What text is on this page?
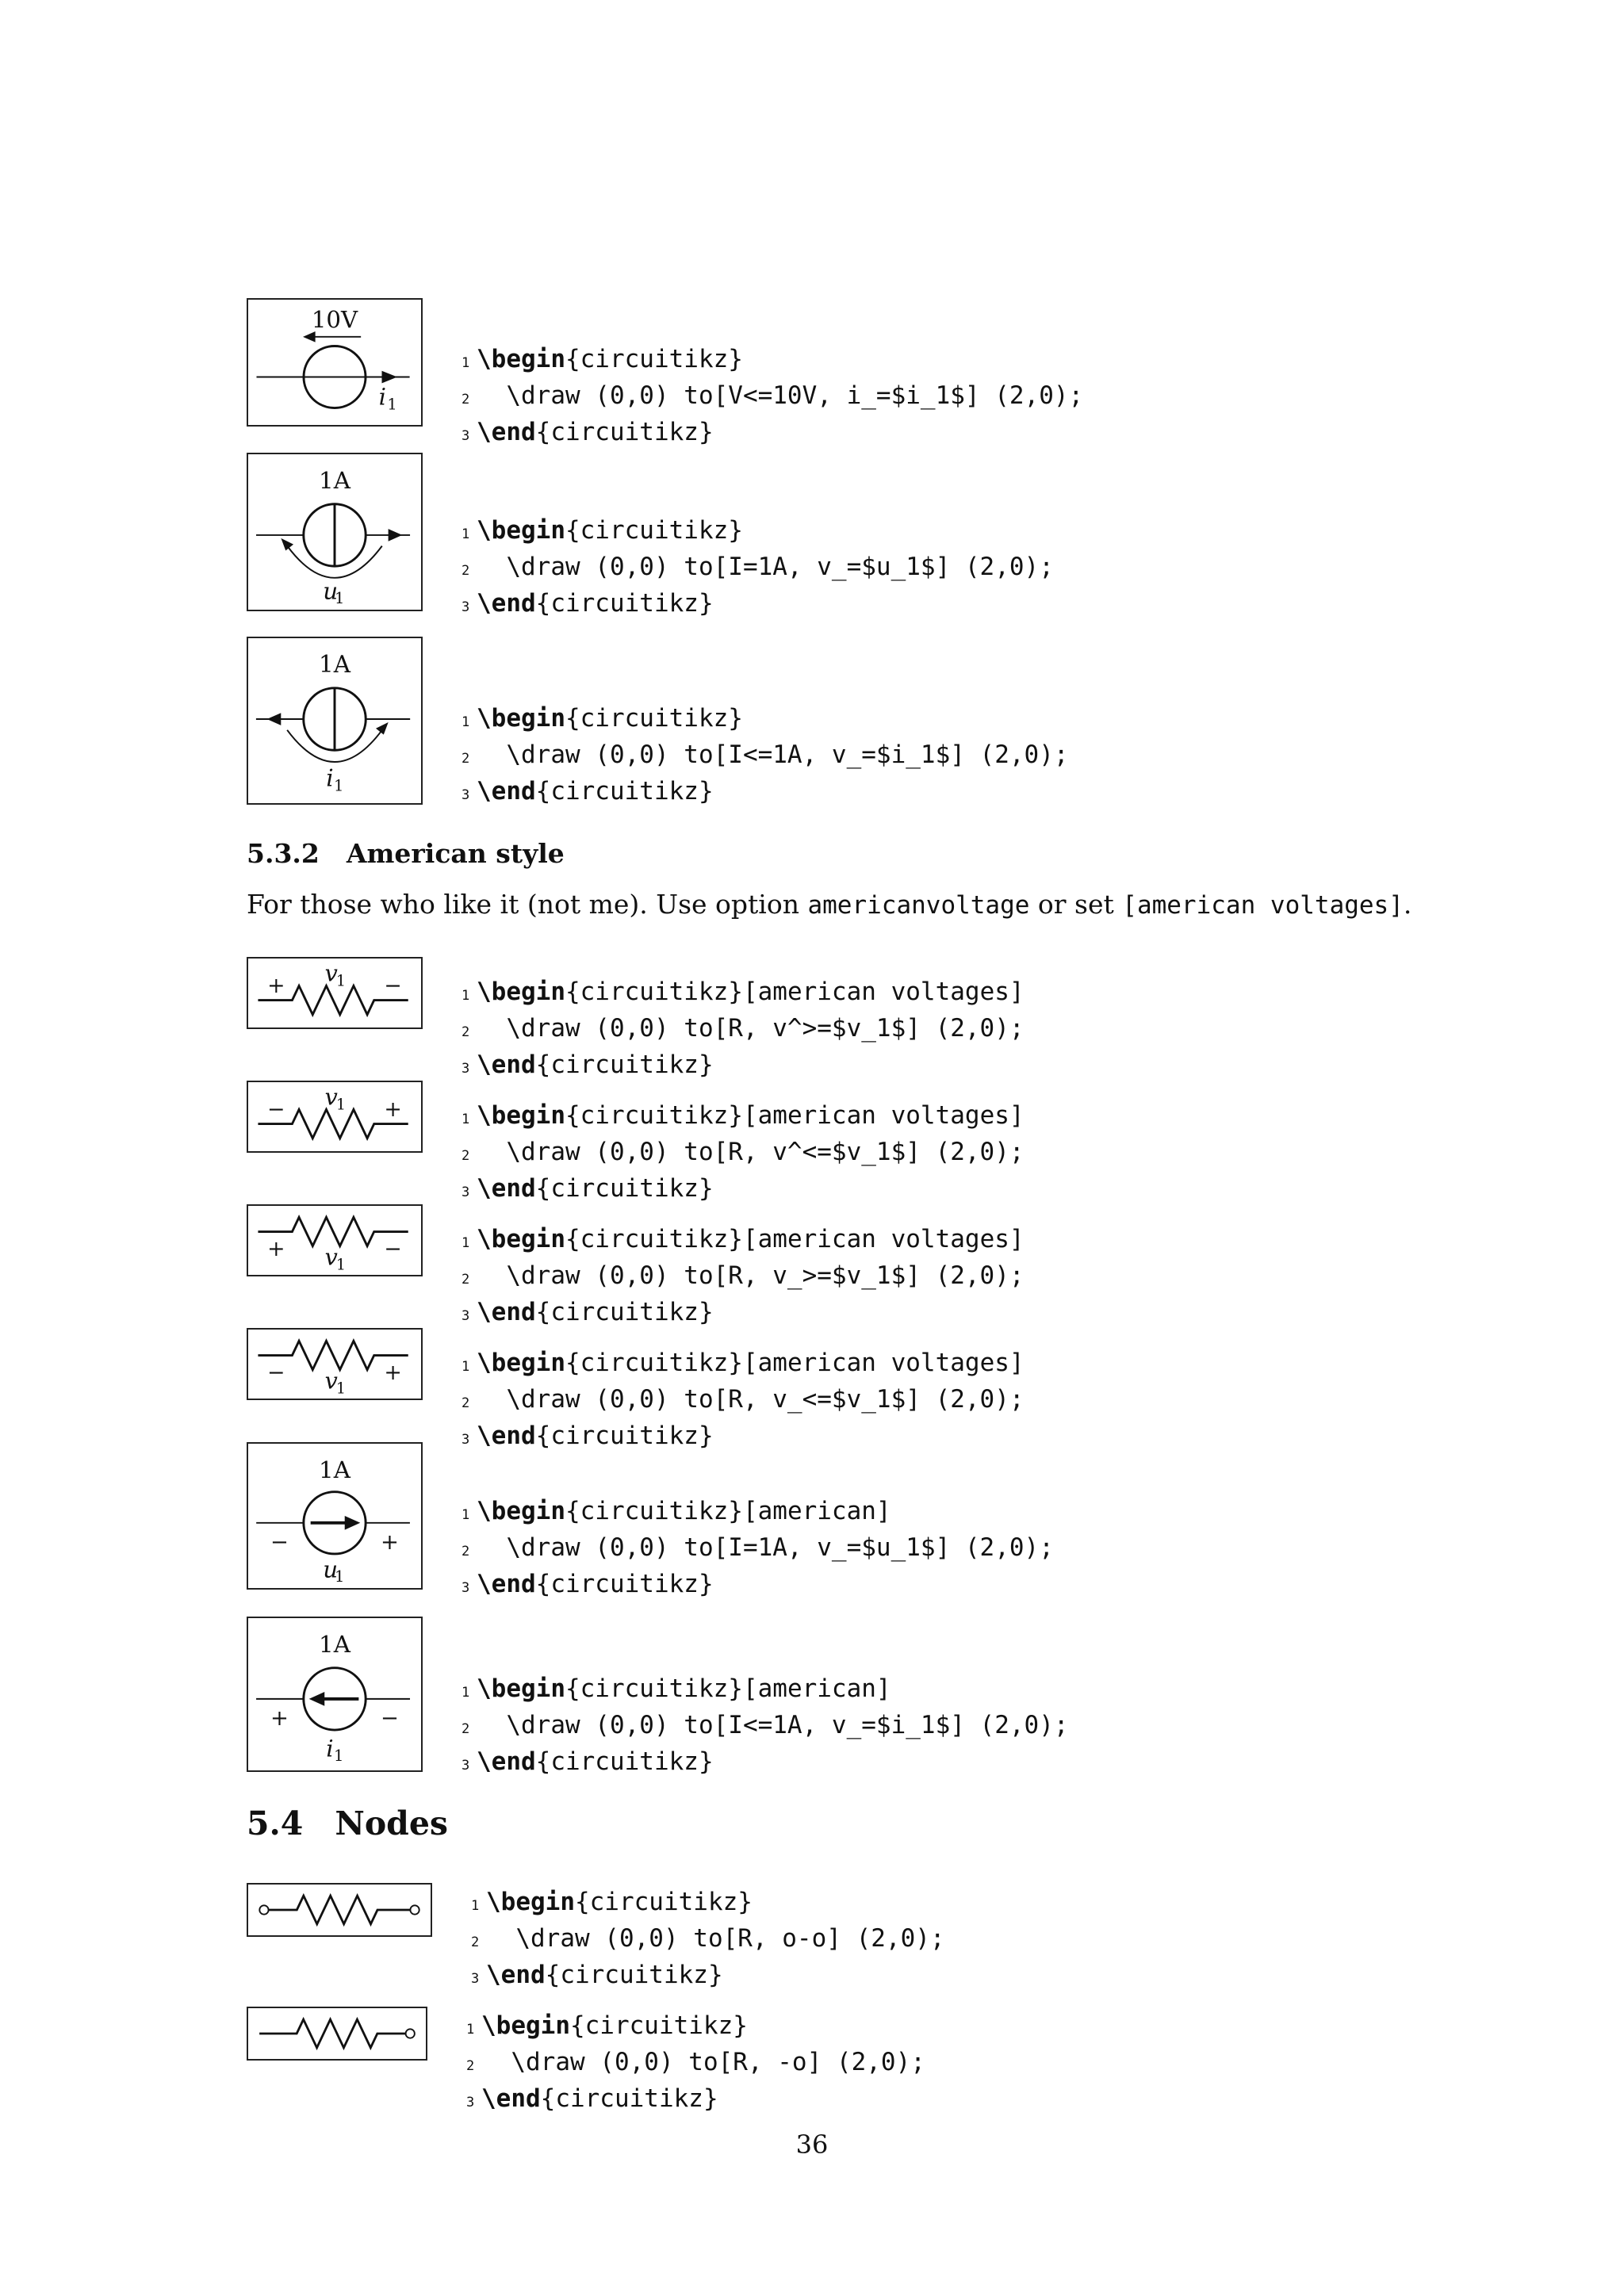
10V
i 1

1 \begin{circuitikz}
2  \draw (0,0) to[V<=10V, i_=$i_1$] (2,0);
3 \end{circuitikz}
1A
u
1

1 \begin{circuitikz}
2  \draw (0,0) to[I=1A, v_=$u_1$] (2,0);
3 \end{circuitikz}
1A
i 1

1 \begin{circuitikz}
2  \draw (0,0) to[I<=1A, v_=$i_1$] (2,0);
3 \end{circuitikz}
5.3.2 American style
For those who like it (not me). Use option americanvoltage or set [american voltages].
+	−
v
1

1 \begin{circuitikz}[american voltages]
2  \draw (0,0) to[R, v^>=$v_1$] (2,0);
3 \end{circuitikz}
−	+
v
1

1 \begin{circuitikz}[american voltages]
2  \draw (0,0) to[R, v^<=$v_1$] (2,0);
3 \end{circuitikz}
+	−
v
1

1 \begin{circuitikz}[american voltages]
2  \draw (0,0) to[R, v_>=$v_1$] (2,0);
3 \end{circuitikz}
−	+
v
1

1 \begin{circuitikz}[american voltages]
2  \draw (0,0) to[R, v_<=$v_1$] (2,0);
3 \end{circuitikz}
1A
−	+
u
1

1 \begin{circuitikz}[american]
2  \draw (0,0) to[I=1A, v_=$u_1$] (2,0);
3 \end{circuitikz}
1A
+	−
i 1

1 \begin{circuitikz}[american]
2  \draw (0,0) to[I<=1A, v_=$i_1$] (2,0);
3 \end{circuitikz}
5.4 Nodes

1 \begin{circuitikz}
2  \draw (0,0) to[R, o-o] (2,0);
3 \end{circuitikz}

1 \begin{circuitikz}
2  \draw (0,0) to[R, -o] (2,0);
3 \end{circuitikz}
36
